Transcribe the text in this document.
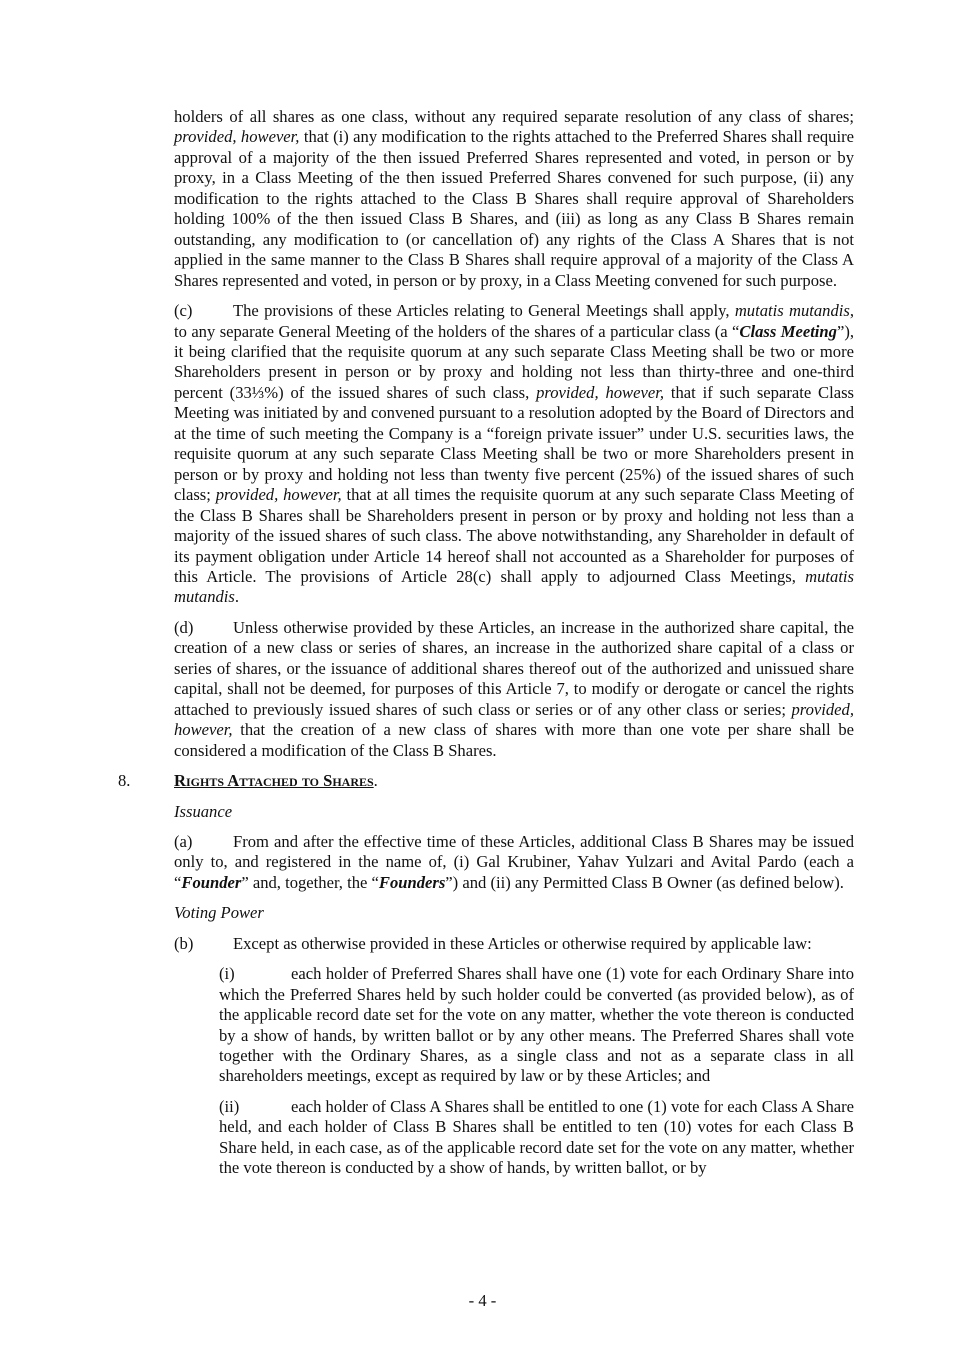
holders of all shares as one class, without any required separate resolution of any class of shares; provided, however, that (i) any modification to the rights attached to the Preferred Shares shall require approval of a majority of the then issued Preferred Shares represented and voted, in person or by proxy, in a Class Meeting of the then issued Preferred Shares convened for such purpose, (ii) any modification to the rights attached to the Class B Shares shall require approval of Shareholders holding 100% of the then issued Class B Shares, and (iii) as long as any Class B Shares remain outstanding, any modification to (or cancellation of) any rights of the Class A Shares that is not applied in the same manner to the Class B Shares shall require approval of a majority of the Class A Shares represented and voted, in person or by proxy, in a Class Meeting convened for such purpose.

(c) The provisions of these Articles relating to General Meetings shall apply, mutatis mutandis, to any separate General Meeting of the holders of the shares of a particular class (a “Class Meeting”), it being clarified that the requisite quorum at any such separate Class Meeting shall be two or more Shareholders present in person or by proxy and holding not less than thirty-three and one-third percent (33⅓%) of the issued shares of such class, provided, however, that if such separate Class Meeting was initiated by and convened pursuant to a resolution adopted by the Board of Directors and at the time of such meeting the Company is a “foreign private issuer” under U.S. securities laws, the requisite quorum at any such separate Class Meeting shall be two or more Shareholders present in person or by proxy and holding not less than twenty five percent (25%) of the issued shares of such class; provided, however, that at all times the requisite quorum at any such separate Class Meeting of the Class B Shares shall be Shareholders present in person or by proxy and holding not less than a majority of the issued shares of such class. The above notwithstanding, any Shareholder in default of its payment obligation under Article 14 hereof shall not accounted as a Shareholder for purposes of this Article. The provisions of Article 28(c) shall apply to adjourned Class Meetings, mutatis mutandis.

(d) Unless otherwise provided by these Articles, an increase in the authorized share capital, the creation of a new class or series of shares, an increase in the authorized share capital of a class or series of shares, or the issuance of additional shares thereof out of the authorized and unissued share capital, shall not be deemed, for purposes of this Article 7, to modify or derogate or cancel the rights attached to previously issued shares of such class or series or of any other class or series; provided, however, that the creation of a new class of shares with more than one vote per share shall be considered a modification of the Class B Shares.

8.	Rights Attached to Shares.
Issuance

(a) From and after the effective time of these Articles, additional Class B Shares may be issued only to, and registered in the name of, (i) Gal Krubiner, Yahav Yulzari and Avital Pardo (each a “Founder” and, together, the “Founders”) and (ii) any Permitted Class B Owner (as defined below).

Voting Power

(b) Except as otherwise provided in these Articles or otherwise required by applicable law:

(i)	each holder of Preferred Shares shall have one (1) vote for each Ordinary Share into which the Preferred Shares held by such holder could be converted (as provided below), as of the applicable record date set for the vote on any matter, whether the vote thereon is conducted by a show of hands, by written ballot or by any other means. The Preferred Shares shall vote together with the Ordinary Shares, as a single class and not as a separate class in all shareholders meetings, except as required by law or by these Articles; and

(ii)	each holder of Class A Shares shall be entitled to one (1) vote for each Class A Share held, and each holder of Class B Shares shall be entitled to ten (10) votes for each Class B Share held, in each case, as of the applicable record date set for the vote on any matter, whether the vote thereon is conducted by a show of hands, by written ballot, or by

- 4 -
